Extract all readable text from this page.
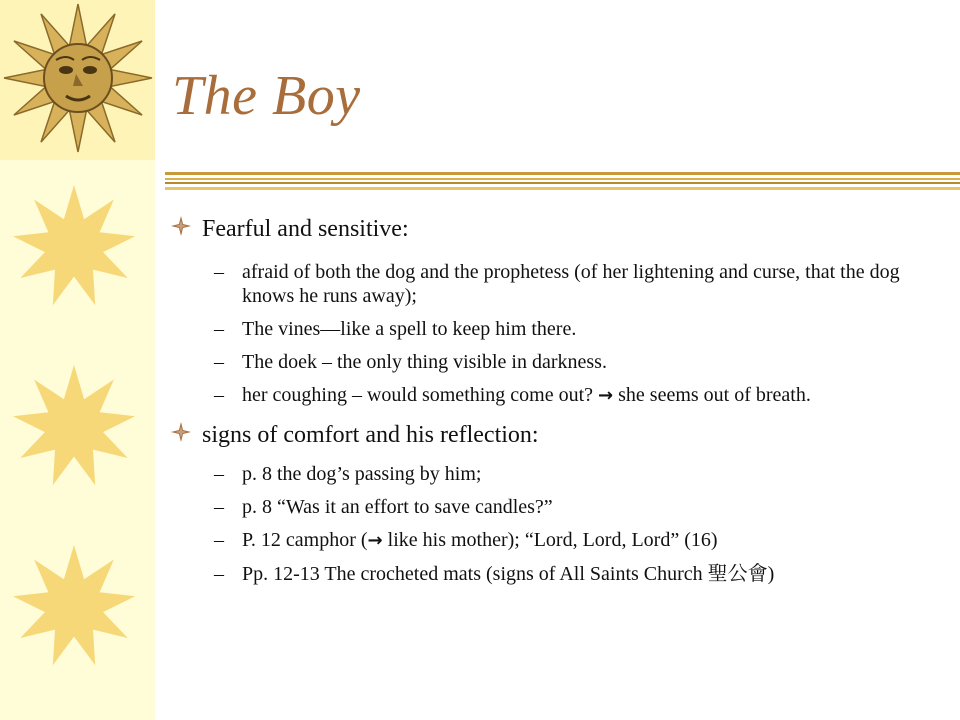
The Boy
Fearful and sensitive:
– afraid of both the dog and the prophetess (of her lightening and curse, that the dog knows he runs away);
– The vines—like a spell to keep him there.
– The doek – the only thing visible in darkness.
– her coughing – would something come out? → she seems out of breath.
signs of comfort and his reflection:
– p. 8 the dog’s passing by him;
– p. 8 “Was it an effort to save candles?”
– P. 12 camphor (→ like his mother); “Lord, Lord, Lord” (16)
– Pp. 12-13 The crocheted mats (signs of All Saints Church 聖公會)
